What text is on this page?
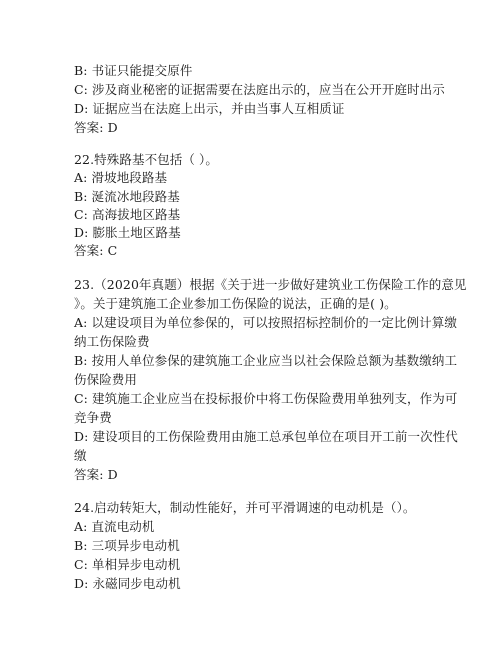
B: 书证只能提交原件
C: 涉及商业秘密的证据需要在法庭出示的，应当在公开开庭时出示
D: 证据应当在法庭上出示，并由当事人互相质证
答案: D
22.特殊路基不包括（ ）。
A: 滑坡地段路基
B: 涎流冰地段路基
C: 高海拔地区路基
D: 膨胀土地区路基
答案: C
23.（2020年真题）根据《关于进一步做好建筑业工伤保险工作的意见
》。关于建筑施工企业参加工伤保险的说法，正确的是( )。
A: 以建设项目为单位参保的，可以按照招标控制价的一定比例计算缴
纳工伤保险费
B: 按用人单位参保的建筑施工企业应当以社会保险总额为基数缴纳工
伤保险费用
C: 建筑施工企业应当在投标报价中将工伤保险费用单独列支，作为可
竞争费
D: 建设项目的工伤保险费用由施工总承包单位在项目开工前一次性代
缴
答案: D
24.启动转矩大，制动性能好，并可平滑调速的电动机是（）。
A: 直流电动机
B: 三项异步电动机
C: 单相异步电动机
D: 永磁同步电动机
